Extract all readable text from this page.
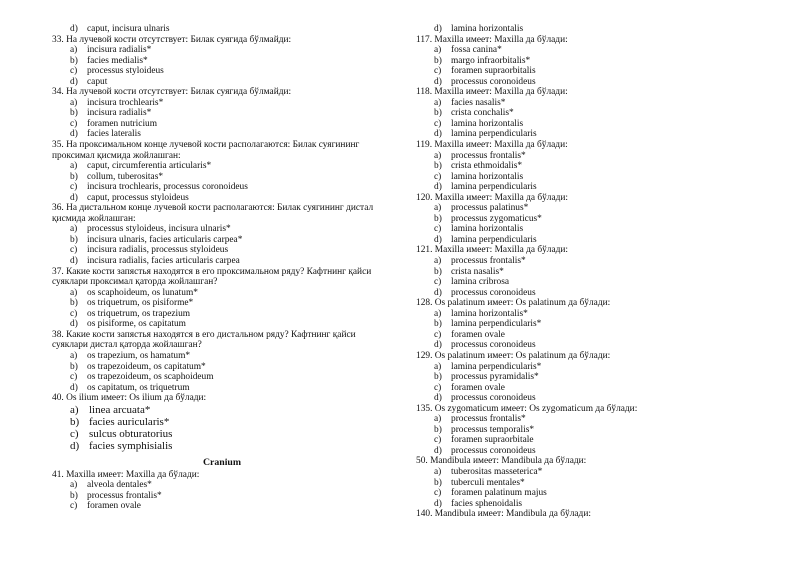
d) caput, incisura ulnaris
33. На лучевой кости отсутствует: Билак суягида бўлмайди:
a) incisura radialis*
b) facies medialis*
c) processus styloideus
d) caput
34. На лучевой кости отсутствует: Билак суягида бўлмайди:
a) incisura trochlearis*
b) incisura radialis*
c) foramen nutricium
d) facies lateralis
35. На проксимальном конце лучевой кости располагаются: Билак суягининг проксимал қисмида жойлашган:
a) caput, circumferentia articularis*
b) collum, tuberositas*
c) incisura trochlearis, processus coronoideus
d) caput, processus styloideus
36. На дистальном конце лучевой кости располагаются: Билак суягининг дистал қисмида жойлашган:
a) processus styloideus, incisura ulnaris*
b) incisura ulnaris, facies articularis carpea*
c) incisura radialis, processus styloideus
d) incisura radialis, facies articularis carpea
37. Какие кости запястья находятся в его проксимальном ряду? Кафтнинг қайси суяклари проксимал қаторда жойлашган?
a) os scaphoideum, os lunatum*
b) os triquetrum, os pisiforme*
c) os triquetrum, os trapezium
d) os pisiforme, os capitatum
38. Какие кости запястья находятся в его дистальном ряду? Кафтнинг қайси суяклари дистал қаторда жойлашган?
a) os trapezium, os hamatum*
b) os trapezoideum, os capitatum*
c) os trapezoideum, os scaphoideum
d) os capitatum, os triquetrum
40. Os ilium имеет: Os ilium да бўлади:
a) linea arcuata*
b) facies auricularis*
c) sulcus obturatorius
d) facies symphisialis
Cranium
41. Maxilla имеет: Maxilla да бўлади:
a) alveola dentales*
b) processus frontalis*
c) foramen ovale
d) lamina horizontalis
117. Maxilla имеет: Maxilla да бўлади:
a) fossa canina*
b) margo infraorbitalis*
c) foramen supraorbitalis
d) processus coronoideus
118. Maxilla имеет: Maxilla да бўлади:
a) facies nasalis*
b) crista conchalis*
c) lamina horizontalis
d) lamina perpendicularis
119. Maxilla имеет: Maxilla да бўлади:
a) processus frontalis*
b) crista ethmoidalis*
c) lamina horizontalis
d) lamina perpendicularis
120. Maxilla имеет: Maxilla да бўлади:
a) processus palatinus*
b) processus zygomaticus*
c) lamina horizontalis
d) lamina perpendicularis
121. Maxilla имеет: Maxilla да бўлади:
a) processus frontalis*
b) crista nasalis*
c) lamina cribrosa
d) processus coronoideus
128. Os palatinum имеет: Os palatinum да бўлади:
a) lamina horizontalis*
b) lamina perpendicularis*
c) foramen ovale
d) processus coronoideus
129. Os palatinum имеет: Os palatinum да бўлади:
a) lamina perpendicularis*
b) processus pyramidalis*
c) foramen ovale
d) processus coronoideus
135. Os zygomaticum имеет: Os zygomaticum да бўлади:
a) processus frontalis*
b) processus temporalis*
c) foramen supraorbitale
d) processus coronoideus
50. Mandibula имеет: Mandibula да бўлади:
a) tuberositas masseterica*
b) tuberculi mentales*
c) foramen palatinum majus
d) facies sphenoidalis
140. Mandibula имеет: Mandibula да бўлади:
